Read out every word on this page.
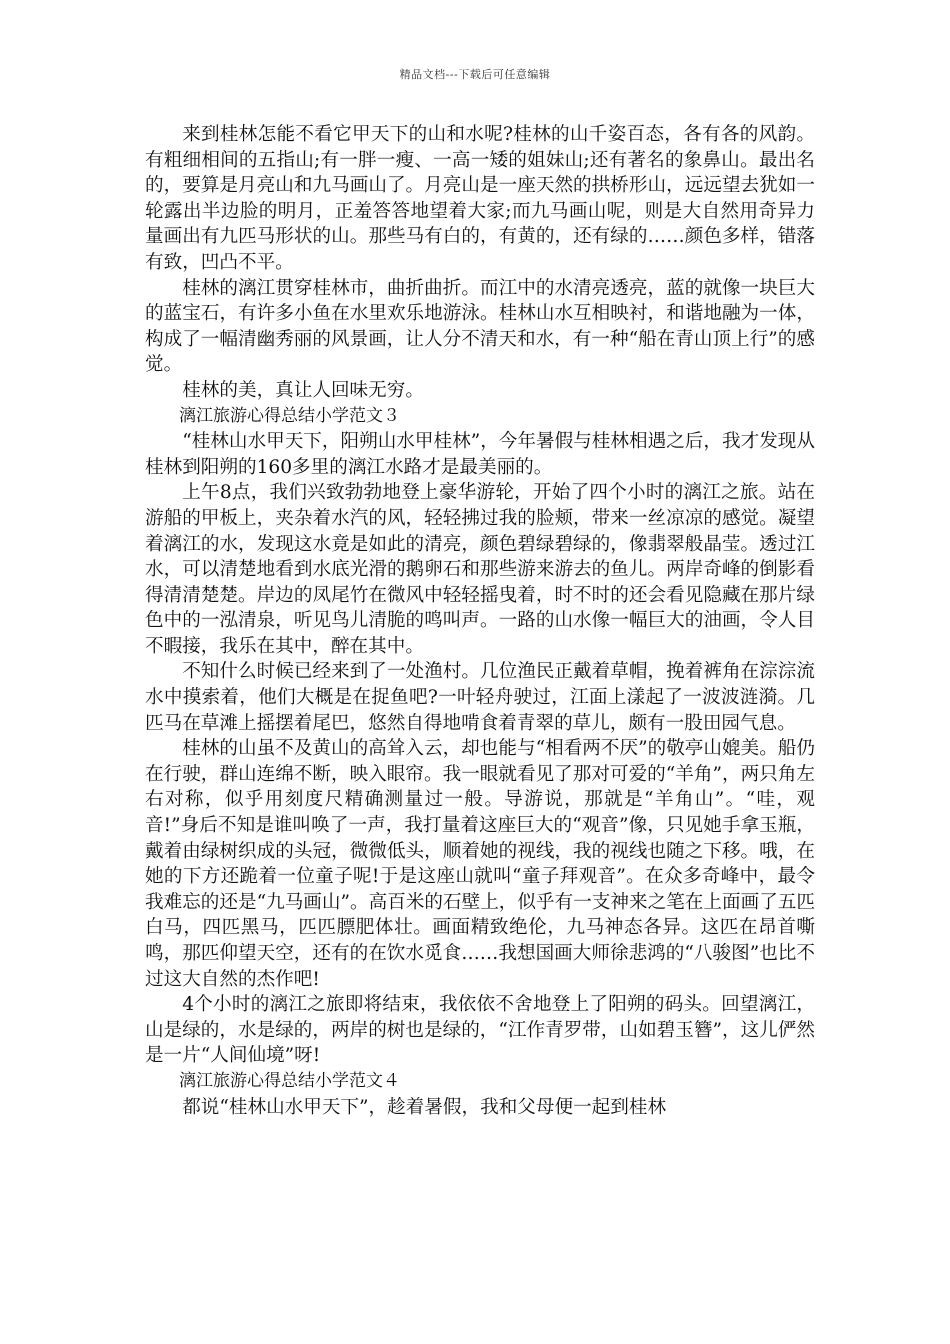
精品文档---下载后可任意编辑

来到桂林怎能不看它甲天下的山和水呢?桂林的山千姿百态，各有各的风韵。有粗细相间的五指山;有一胖一瘦、一高一矮的姐妹山;还有著名的象鼻山。最出名的，要算是月亮山和九马画山了。月亮山是一座天然的拱桥形山，远远望去犹如一轮露出半边脸的明月，正羞答答地望着大家;而九马画山呢，则是大自然用奇异力量画出有九匹马形状的山。那些马有白的，有黄的，还有绿的……颜色多样，错落有致，凹凸不平。

桂林的漓江贯穿桂林市，曲折曲折。而江中的水清亮透亮，蓝的就像一块巨大的蓝宝石，有许多小鱼在水里欢乐地游泳。桂林山水互相映衬，和谐地融为一体，构成了一幅清幽秀丽的风景画，让人分不清天和水，有一种“船在青山顶上行”的感觉。

桂林的美，真让人回味无穷。

漓江旅游心得总结小学范文３

“桂林山水甲天下，阳朔山水甲桂林”，今年暑假与桂林相遇之后，我才发现从桂林到阳朔的160多里的漓江水路才是最美丽的。

上午8点，我们兴致勃勃地登上豪华游轮，开始了四个小时的漓江之旅。站在游船的甲板上，夹杂着水汽的风，轻轻拂过我的脸颊，带来一丝凉凉的感觉。凝望着漓江的水，发现这水竟是如此的清亮，颜色碧绿碧绿的，像翡翠般晶莹。透过江水，可以清楚地看到水底光滑的鹅卵石和那些游来游去的鱼儿。两岸奇峰的倒影看得清清楚楚。岸边的凤尾竹在微风中轻轻摇曳着，时不时的还会看见隐藏在那片绿色中的一泓清泉，听见鸟儿清脆的鸣叫声。一路的山水像一幅巨大的油画，令人目不暇接，我乐在其中，醉在其中。

不知什么时候已经来到了一处渔村。几位渔民正戴着草帽，挽着裤角在淙淙流水中摸索着，他们大概是在捉鱼吧?一叶轻舟驶过，江面上漾起了一波波涟漪。几匹马在草滩上摇摆着尾巴，悠然自得地啃食着青翠的草儿，颇有一股田园气息。

桂林的山虽不及黄山的高耸入云，却也能与“相看两不厌”的敬亭山媲美。船仍在行驶，群山连绵不断，映入眼帘。我一眼就看见了那对可爱的“羊角”，两只角左右对称，似乎用刻度尺精确测量过一般。导游说，那就是“羊角山”。“哇，观音!”身后不知是谁叫唤了一声，我打量着这座巨大的“观音”像，只见她手拿玉瓶，戴着由绿树织成的头冠，微微低头，顺着她的视线，我的视线也随之下移。哦，在她的下方还跪着一位童子呢!于是这座山就叫“童子拜观音”。在众多奇峰中，最令我难忘的还是“九马画山”。高百米的石壁上，似乎有一支神来之笔在上面画了五匹白马，四匹黑马，匹匹膘肥体壮。画面精致绝伦，九马神态各异。这匹在昂首嘶鸣，那匹仰望天空，还有的在饮水觅食……我想国画大师徐悲鸿的“八骏图”也比不过这大自然的杰作吧!

4个小时的漓江之旅即将结束，我依依不舍地登上了阳朔的码头。回望漓江，山是绿的，水是绿的，两岸的树也是绿的，“江作青罗带，山如碧玉簪”，这儿俨然是一片“人间仙境”呀!

漓江旅游心得总结小学范文４

都说“桂林山水甲天下”，趁着暑假，我和父母便一起到桂林
